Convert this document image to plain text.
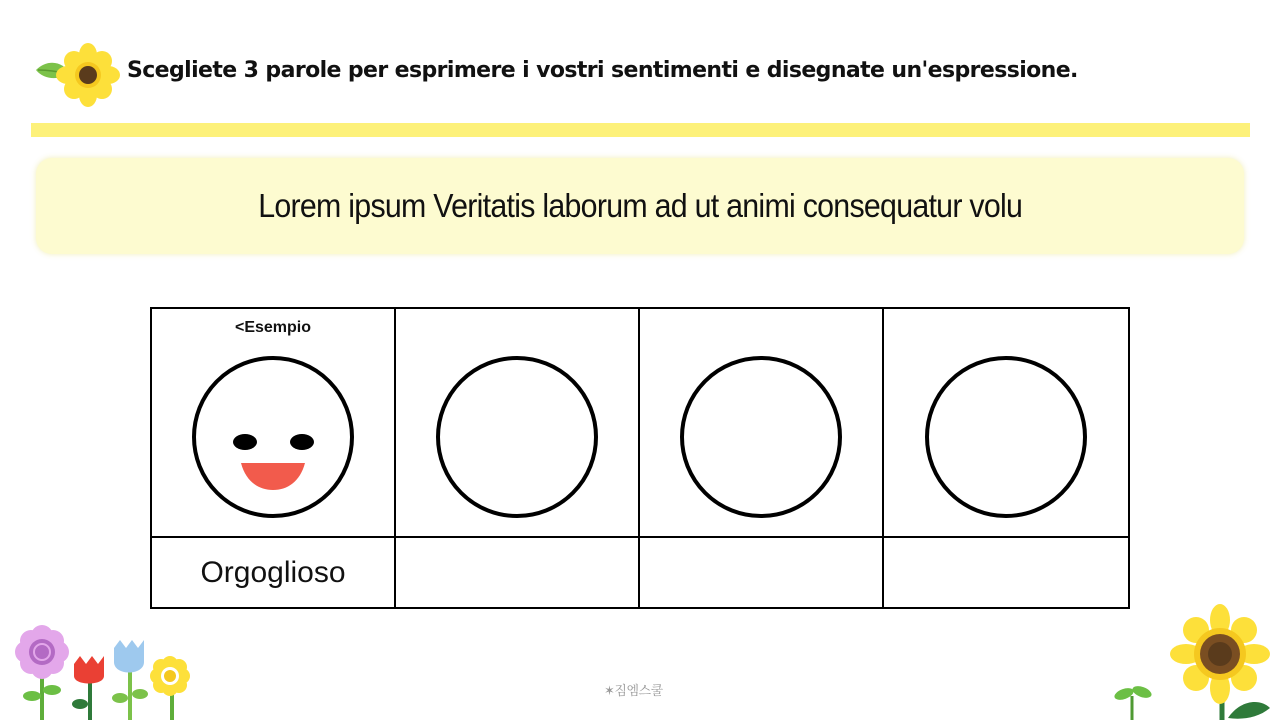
Scegliete 3 parole per esprimere i vostri sentimenti e disegnate un'espressione.
Lorem ipsum Veritatis laborum ad ut animi consequatur volu
<Esempio
Orgoglioso
✶짐엠스쿨
